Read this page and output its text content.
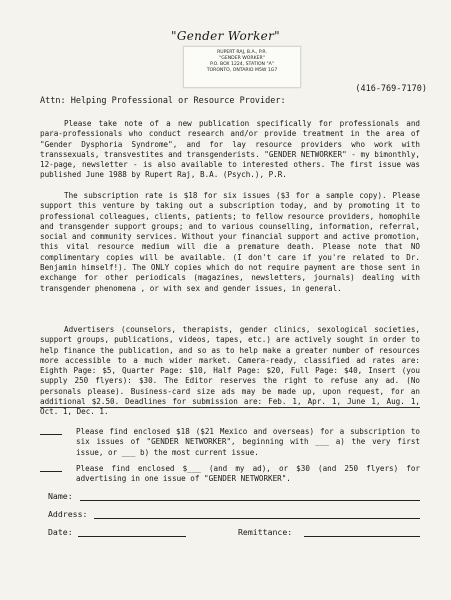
"Gender Worker"
RUPERT RAJ, B.A., P.R.
"GENDER WORKER"
P.O. BOX 1224, STATION "A"
TORONTO, ONTARIO M5W 1G7
(416-769-7170)
Attn: Helping Professional or Resource Provider:

Please take note of a new publication specifically for professionals and para-professionals who conduct research and/or provide treatment in the area of "Gender Dysphoria Syndrome", and for lay resource providers who work with transsexuals, transvestites and transgenderists. "GENDER NETWORKER" - my bimonthly, 12-page, newsletter - is also available to interested others. The first issue was published June 1988 by Rupert Raj, B.A. (Psych.), P.R.

The subscription rate is $18 for six issues ($3 for a sample copy). Please support this venture by taking out a subscription today, and by promoting it to professional colleagues, clients, patients; to fellow resource providers, homophile and transgender support groups; and to various counselling, information, referral, social and community services. Without your financial support and active promotion, this vital resource medium will die a premature death. Please note that NO complimentary copies will be available. (I don't care if you're related to Dr. Benjamin himself!). The ONLY copies which do not require payment are those sent in exchange for other periodicals (magazines, newsletters, journals) dealing with transgender phenomena , or with sex and gender issues, in general.

Advertisers (counselors, therapists, gender clinics, sexological societies, support groups, publications, videos, tapes, etc.) are actively sought in order to help finance the publication, and so as to help make a greater number of resources more accessible to a much wider market. Camera-ready, classified ad rates are: Eighth Page: $5, Quarter Page: $10, Half Page: $20, Full Page: $40, Insert (you supply 250 flyers): $30. The Editor reserves the right to refuse any ad. (No personals please). Business-card size ads may be made up, upon request, for an additional $2.50. Deadlines for submission are: Feb. 1, Apr. 1, June 1, Aug. 1, Oct. 1, Dec. 1.

Please find enclosed $18 ($21 Mexico and overseas) for a subscription to six issues of "GENDER NETWORKER", beginning with ___ a) the very first issue, or ___ b) the most current issue.
Please find enclosed $___ (and my ad), or $30 (and 250 flyers) for advertising in one issue of "GENDER NETWORKER".
Name:
Address:
Date:	Remittance:
